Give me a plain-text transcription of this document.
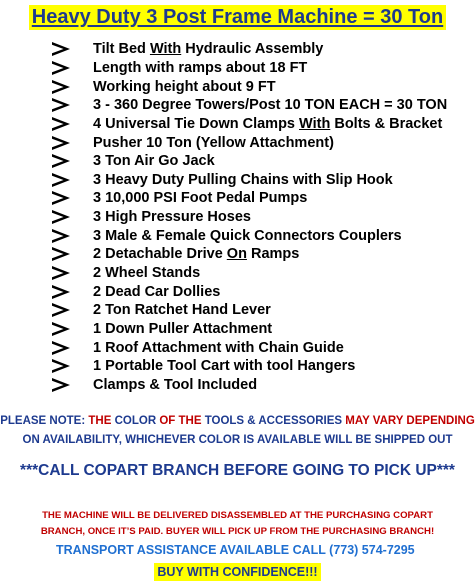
Heavy Duty 3 Post Frame Machine = 30 Ton
Tilt Bed With Hydraulic Assembly
Length with ramps about 18 FT
Working height about 9 FT
3 - 360 Degree Towers/Post 10 TON EACH = 30 TON
4 Universal Tie Down Clamps With Bolts & Bracket
Pusher 10 Ton (Yellow Attachment)
3 Ton Air Go Jack
3 Heavy Duty Pulling Chains with Slip Hook
3 10,000 PSI Foot Pedal Pumps
3 High Pressure Hoses
3 Male & Female Quick Connectors Couplers
2 Detachable Drive On Ramps
2 Wheel Stands
2 Dead Car Dollies
2 Ton Ratchet Hand Lever
1 Down Puller Attachment
1 Roof Attachment with Chain Guide
1 Portable Tool Cart with tool Hangers
Clamps & Tool Included
PLEASE NOTE: THE COLOR OF THE TOOLS & ACCESSORIES MAY VARY DEPENDING
ON AVAILABILITY, WHICHEVER COLOR IS AVAILABLE WILL BE SHIPPED OUT
***CALL COPART BRANCH BEFORE GOING TO PICK UP***
THE MACHINE WILL BE DELIVERED DISASSEMBLED AT THE PURCHASING COPART
BRANCH, ONCE IT’S PAID. BUYER WILL PICK UP FROM THE PURCHASING BRANCH!
TRANSPORT ASSISTANCE AVAILABLE CALL (773) 574-7295
BUY WITH CONFIDENCE!!!
